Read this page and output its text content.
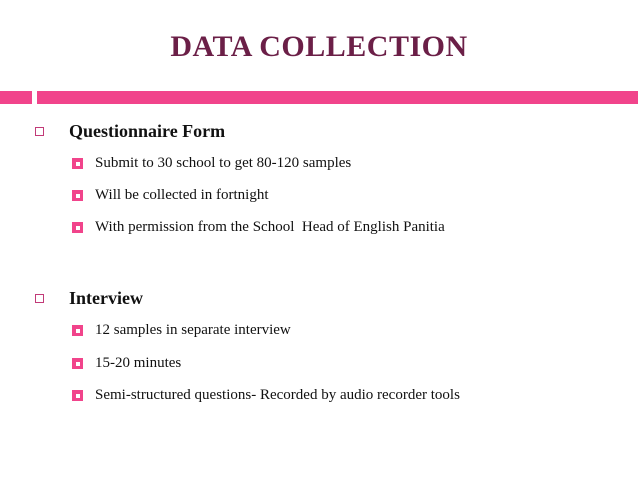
DATA COLLECTION
Questionnaire Form
Submit to 30 school to get 80-120 samples
Will be collected in fortnight
With permission from the School  Head of English Panitia
Interview
12 samples in separate interview
15-20 minutes
Semi-structured questions- Recorded by audio recorder tools
